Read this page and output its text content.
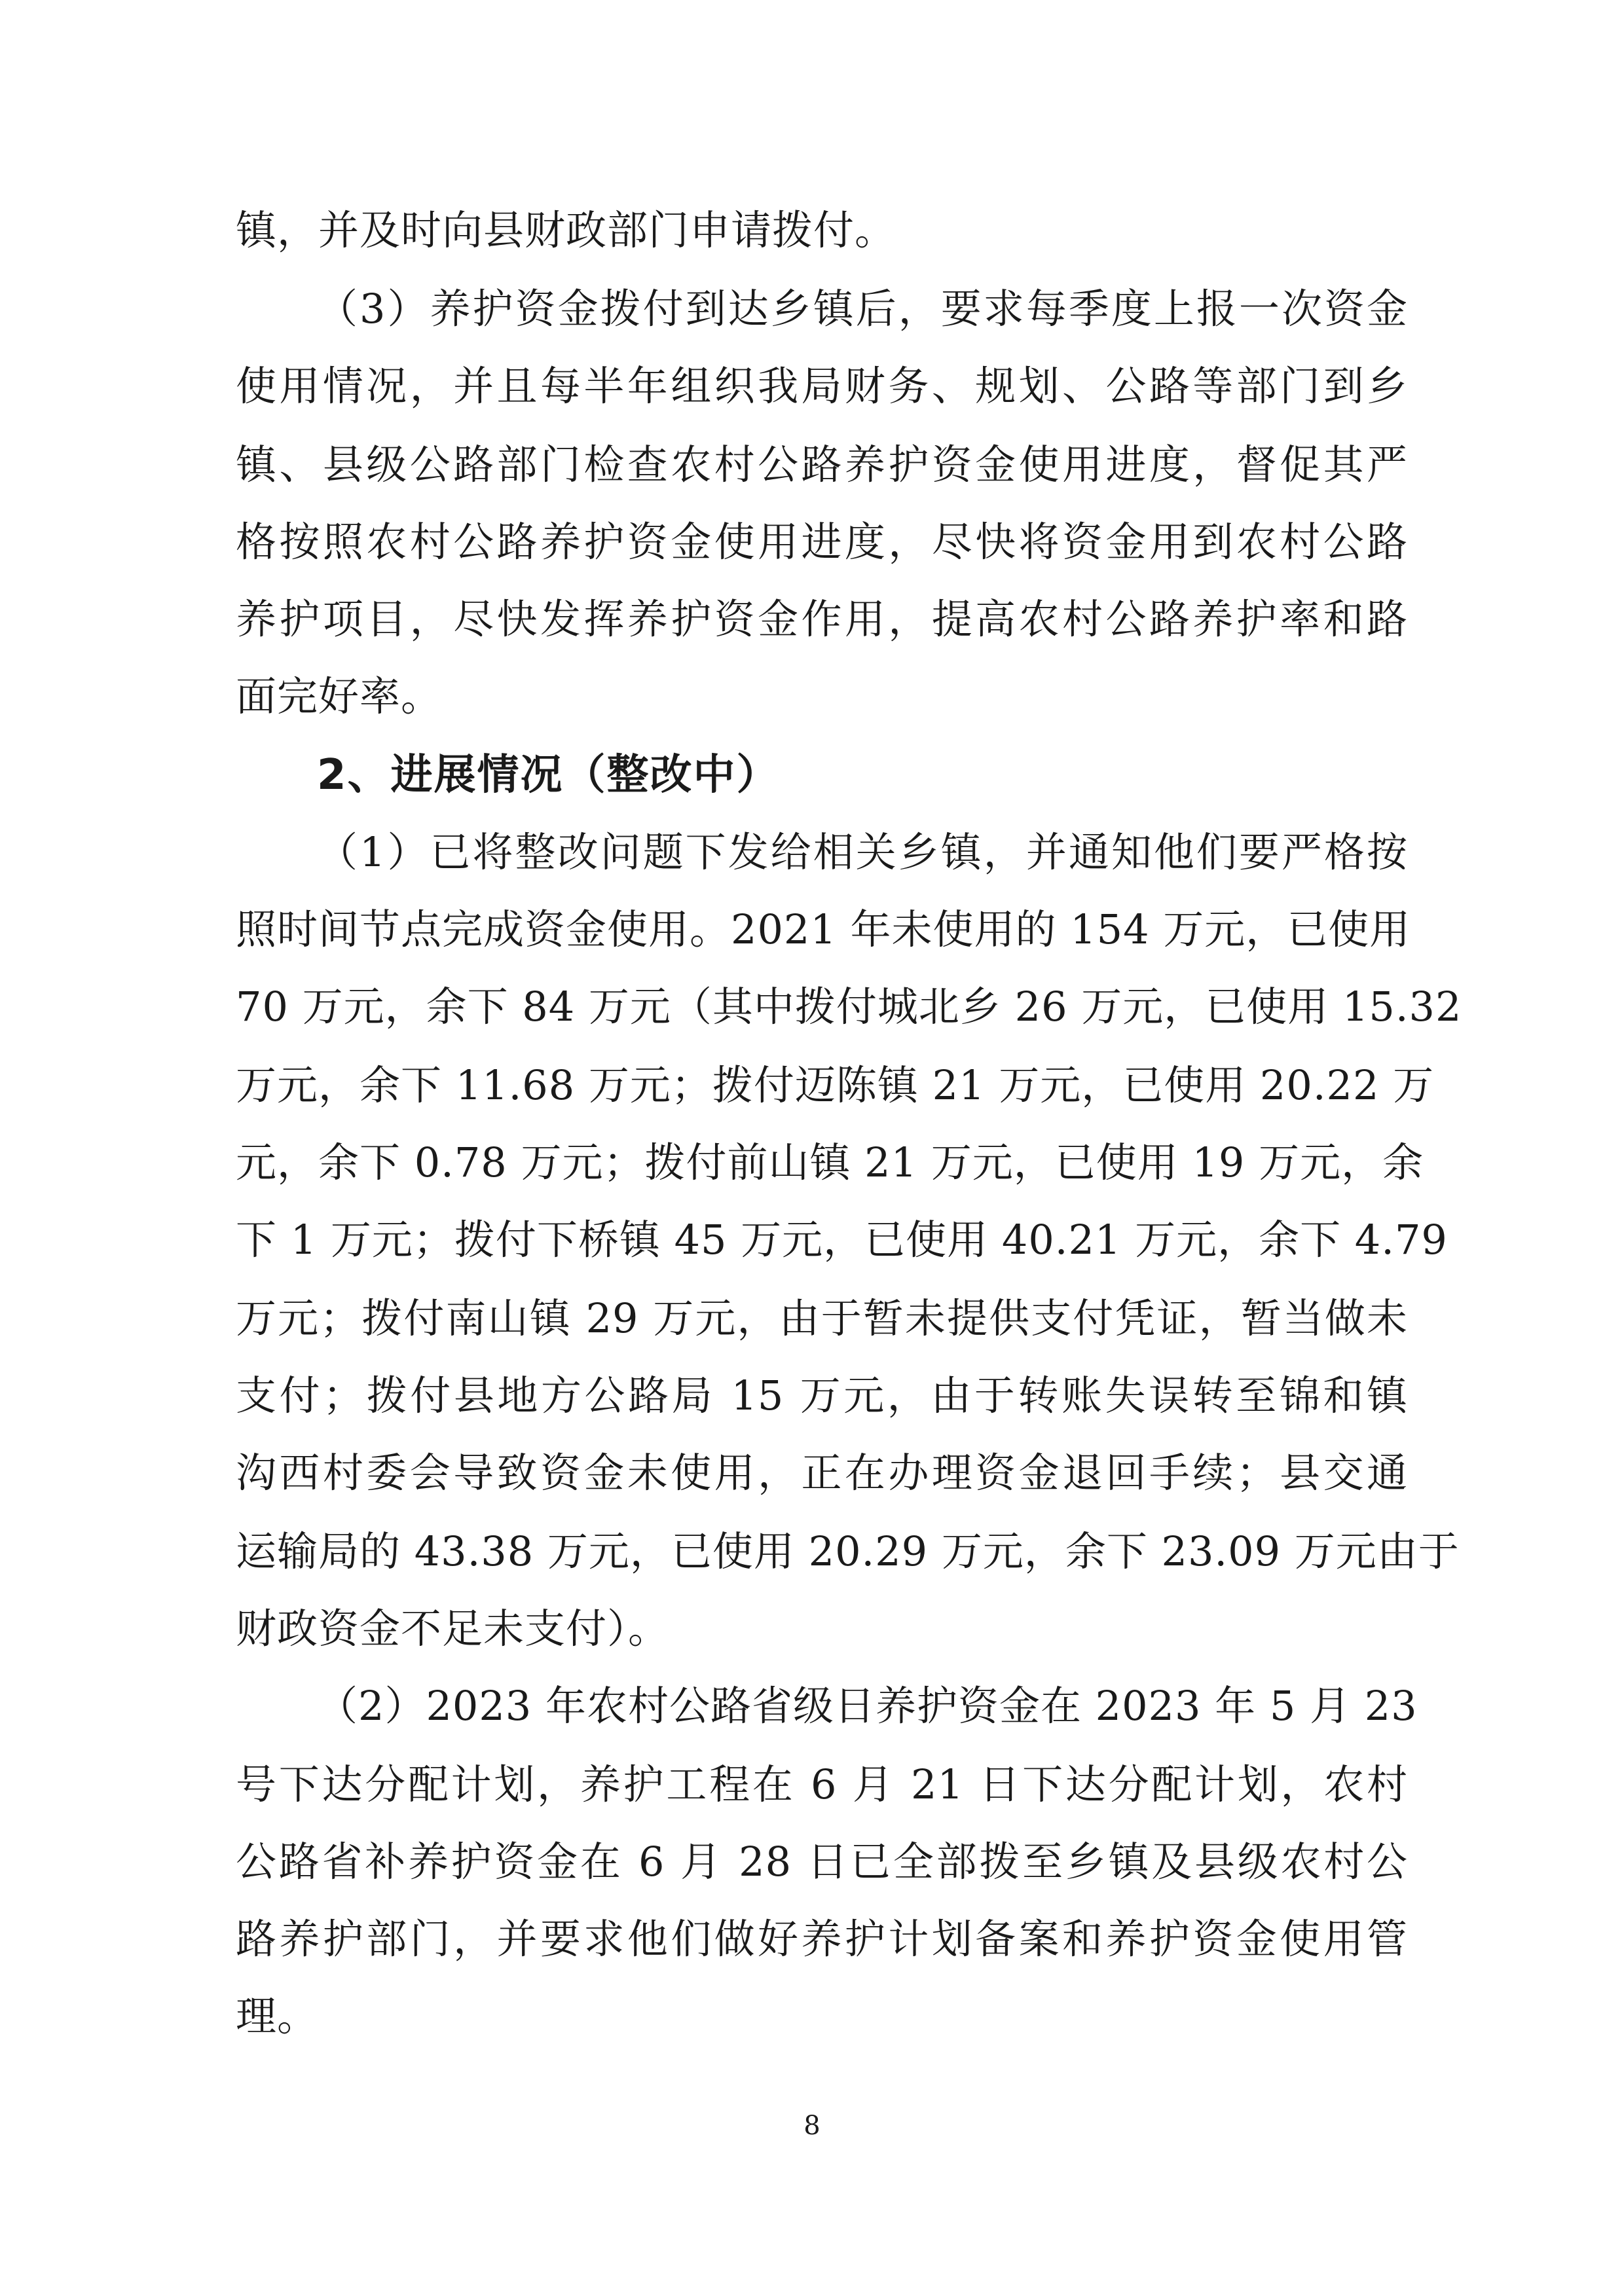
镇，并及时向县财政部门申请拨付。
（3）养护资金拨付到达乡镇后，要求每季度上报一次资金
使用情况，并且每半年组织我局财务、规划、公路等部门到乡
镇、县级公路部门检查农村公路养护资金使用进度，督促其严
格按照农村公路养护资金使用进度，尽快将资金用到农村公路
养护项目，尽快发挥养护资金作用，提高农村公路养护率和路
面完好率。
2、进展情况（整改中）
（1）已将整改问题下发给相关乡镇，并通知他们要严格按
照时间节点完成资金使用。2021 年未使用的 154 万元，已使用
70 万元，余下 84 万元（其中拨付城北乡 26 万元，已使用 15.32
万元，余下 11.68 万元；拨付迈陈镇 21 万元，已使用 20.22 万
元，余下 0.78 万元；拨付前山镇 21 万元，已使用 19 万元，余
下 1 万元；拨付下桥镇 45 万元，已使用 40.21 万元，余下 4.79
万元；拨付南山镇 29 万元，由于暂未提供支付凭证，暂当做未
支付；拨付县地方公路局 15 万元，由于转账失误转至锦和镇
沟西村委会导致资金未使用，正在办理资金退回手续；县交通
运输局的 43.38 万元，已使用 20.29 万元，余下 23.09 万元由于
财政资金不足未支付）。
（2）2023 年农村公路省级日养护资金在 2023 年 5 月 23
号下达分配计划，养护工程在 6 月 21 日下达分配计划，农村
公路省补养护资金在 6 月 28 日已全部拨至乡镇及县级农村公
路养护部门，并要求他们做好养护计划备案和养护资金使用管
理。
8
